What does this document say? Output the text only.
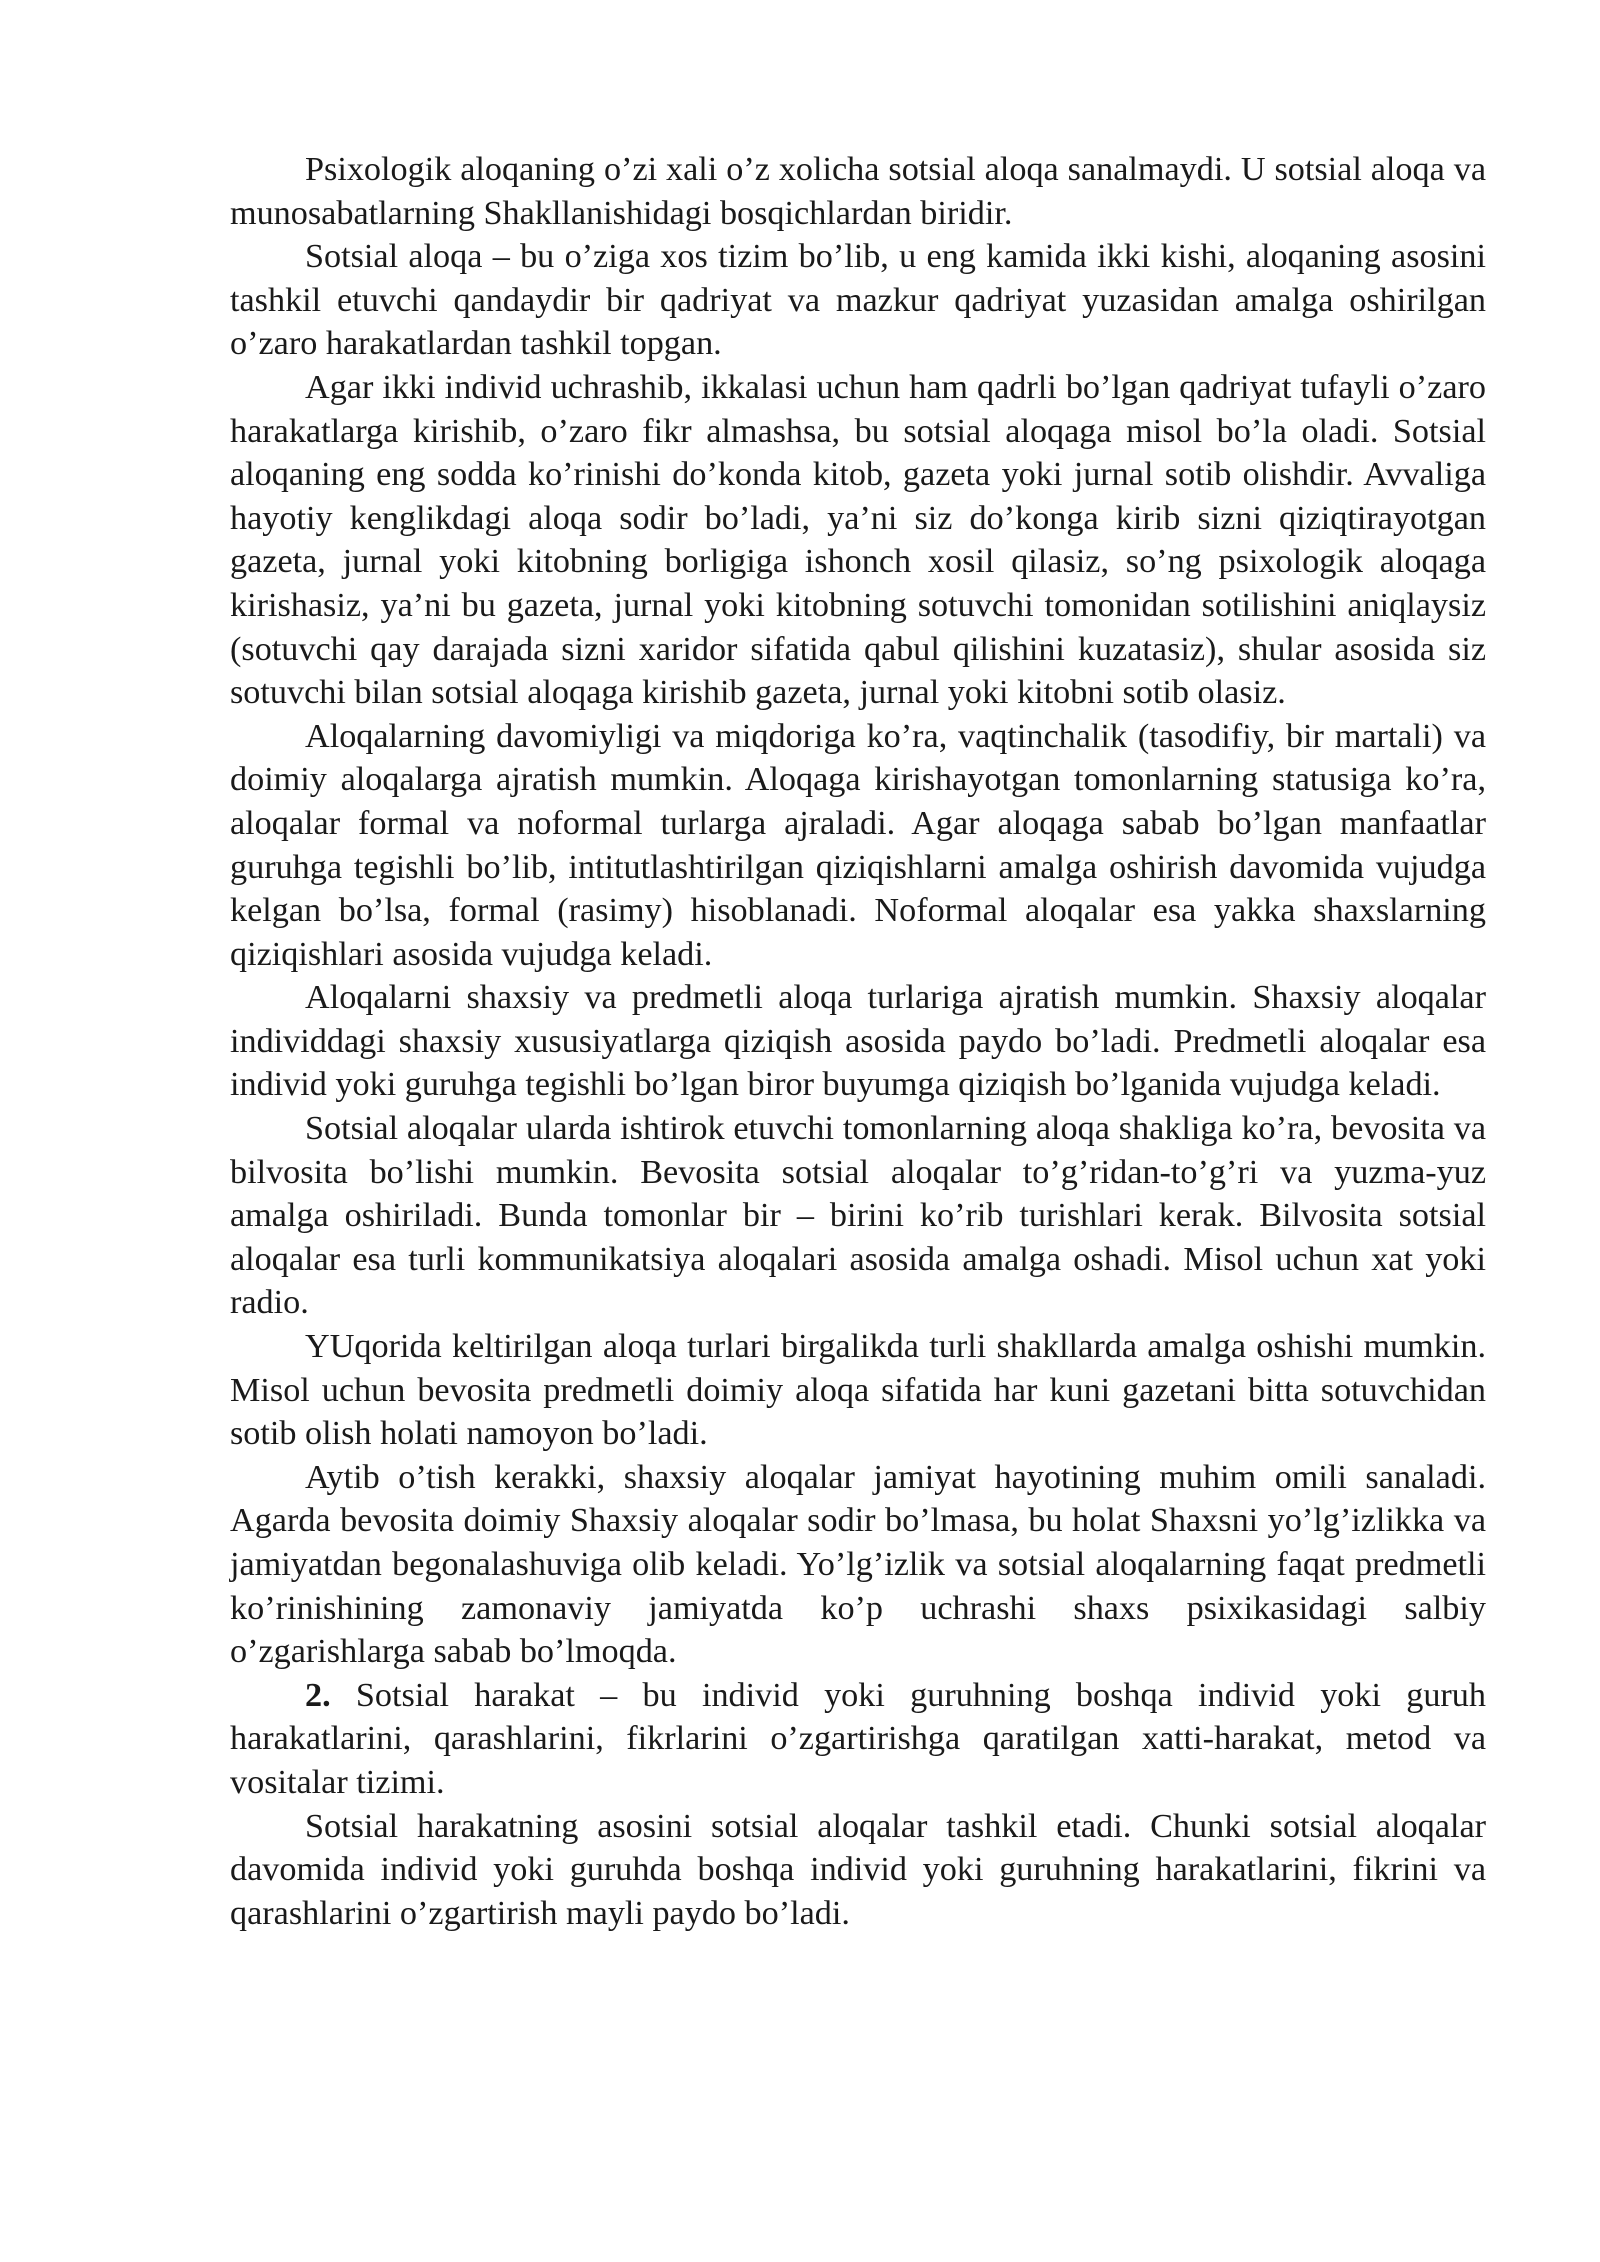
Psixologik aloqaning o’zi xali o’z xolicha sotsial aloqa sanalmaydi. U sotsial aloqa va munosabatlarning Shakllanishidagi bosqichlardan biridir.

Sotsial aloqa – bu o’ziga xos tizim bo’lib, u eng kamida ikki kishi, aloqaning asosini tashkil etuvchi qandaydir bir qadriyat va mazkur qadriyat yuzasidan amalga oshirilgan o’zaro harakatlardan tashkil topgan.

Agar ikki individ uchrashib, ikkalasi uchun ham qadrli bo’lgan qadriyat tufayli o’zaro harakatlarga kirishib, o’zaro fikr almashsa, bu sotsial aloqaga misol bo’la oladi. Sotsial aloqaning eng sodda ko’rinishi do’konda kitob, gazeta yoki jurnal sotib olishdir. Avvaliga hayotiy kenglikdagi aloqa sodir bo’ladi, ya’ni siz do’konga kirib sizni qiziqtirayotgan gazeta, jurnal yoki kitobning borligiga ishonch xosil qilasiz, so’ng psixologik aloqaga kirishasiz, ya’ni bu gazeta, jurnal yoki kitobning sotuvchi tomonidan sotilishini aniqlaysiz (sotuvchi qay darajada sizni xaridor sifatida qabul qilishini kuzatasiz), shular asosida siz sotuvchi bilan sotsial aloqaga kirishib gazeta, jurnal yoki kitobni sotib olasiz.

Aloqalarning davomiyligi va miqdoriga ko’ra, vaqtinchalik (tasodifiy, bir martali) va doimiy aloqalarga ajratish mumkin. Aloqaga kirishayotgan tomonlarning statusiga ko’ra, aloqalar formal va noformal turlarga ajraladi. Agar aloqaga sabab bo’lgan manfaatlar guruhga tegishli bo’lib, intitutlashtirilgan qiziqishlarni amalga oshirish davomida vujudga kelgan bo’lsa, formal (rasimy) hisoblanadi. Noformal aloqalar esa yakka shaxslarning qiziqishlari asosida vujudga keladi.

Aloqalarni shaxsiy va predmetli aloqa turlariga ajratish mumkin. Shaxsiy aloqalar individdagi shaxsiy xususiyatlarga qiziqish asosida paydo bo’ladi. Predmetli aloqalar esa individ yoki guruhga tegishli bo’lgan biror buyumga qiziqish bo’lganida vujudga keladi.

Sotsial aloqalar ularda ishtirok etuvchi tomonlarning aloqa shakliga ko’ra, bevosita va bilvosita bo’lishi mumkin. Bevosita sotsial aloqalar to’g’ridan-to’g’ri va yuzma-yuz amalga oshiriladi. Bunda tomonlar bir – birini ko’rib turishlari kerak. Bilvosita sotsial aloqalar esa turli kommunikatsiya aloqalari asosida amalga oshadi. Misol uchun xat yoki radio.

YUqorida keltirilgan aloqa turlari birgalikda turli shakllarda amalga oshishi mumkin. Misol uchun bevosita predmetli doimiy aloqa sifatida har kuni gazetani bitta sotuvchidan sotib olish holati namoyon bo’ladi.

Aytib o’tish kerakki, shaxsiy aloqalar jamiyat hayotining muhim omili sanaladi. Agarda bevosita doimiy Shaxsiy aloqalar sodir bo’lmasa, bu holat Shaxsni yo’lg’izlikka va jamiyatdan begonalashuviga olib keladi. Yo’lg’izlik va sotsial aloqalarning faqat predmetli ko’rinishining zamonaviy jamiyatda ko’p uchrashi shaxs psixikasidagi salbiy o’zgarishlarga sabab bo’lmoqda.

2. Sotsial harakat – bu individ yoki guruhning boshqa individ yoki guruh harakatlarini, qarashlarini, fikrlarini o’zgartirishga qaratilgan xatti-harakat, metod va vositalar tizimi.

Sotsial harakatning asosini sotsial aloqalar tashkil etadi. Chunki sotsial aloqalar davomida individ yoki guruhda boshqa individ yoki guruhning harakatlarini, fikrini va qarashlarini o’zgartirish mayli paydo bo’ladi.
